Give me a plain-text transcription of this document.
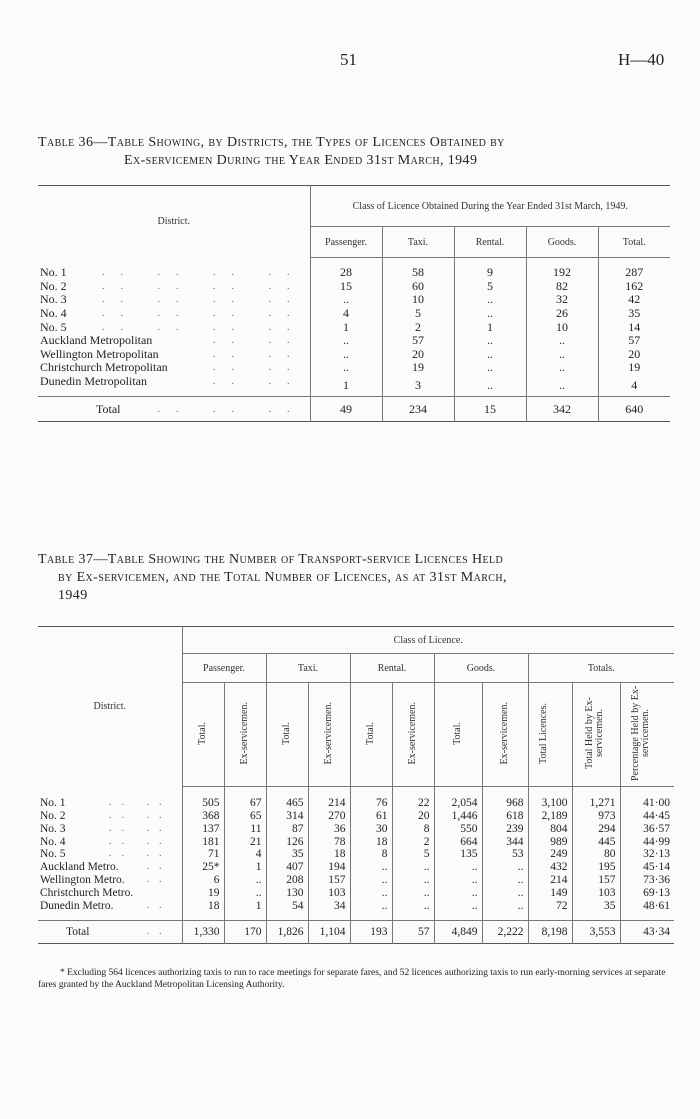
51	H—40
Table 36—Table Showing, by Districts, the Types of Licences Obtained by
Ex-servicemen During the Year Ended 31st March, 1949
District.	Class of Licence Obtained During the Year Ended 31st March, 1949.				
	Passenger.	Taxi.	Rental.	Goods.	Total.
No. 1 .. .. .. ..	28	58	9	192	287
No. 2 .. .. .. ..	15	60	5	82	162
No. 3 .. .. .. ..	..	10	..	32	42
No. 4 .. .. .. ..	4	5	..	26	35
No. 5 .. .. .. ..	1	2	1	10	14
Auckland Metropolitan .. ..	..	57	..	..	57
Wellington Metropolitan .. ..	..	20	..	..	20
Christchurch Metropolitan .. ..	..	19	..	..	19
Dunedin Metropolitan .. ..	1	3	..	..	4
Total .. .. ..	49	234	15	342	640
Table 37—Table Showing the Number of Transport-service Licences Held
by Ex-servicemen, and the Total Number of Licences, as at 31st March,
1949
District.	Class of Licence.										
	Passenger.		Taxi.		Rental.		Goods.		Totals.		
	Total.	Ex-servicemen.	Total.	Ex-servicemen.	Total.	Ex-servicemen.	Total.	Ex-servicemen.	Total Licences.	Total Held by Ex-servicemen.	Percentage Held by Ex-servicemen.
No. 1 .. ..	505	67	465	214	76	22	2,054	968	3,100	1,271	41·00
No. 2 .. ..	368	65	314	270	61	20	1,446	618	2,189	973	44·45
No. 3 .. ..	137	11	87	36	30	8	550	239	804	294	36·57
No. 4 .. ..	181	21	126	78	18	2	664	344	989	445	44·99
No. 5 .. ..	71	4	35	18	8	5	135	53	249	80	32·13
Auckland Metro. ..	25*	1	407	194	..	..	..	..	432	195	45·14
Wellington Metro. ..	6	..	208	157	..	..	..	..	214	157	73·36
Christchurch Metro.	19	..	130	103	..	..	..	..	149	103	69·13
Dunedin Metro. ..	18	1	54	34	..	..	..	..	72	35	48·61
Total ..	1,330	170	1,826	1,104	193	57	4,849	2,222	8,198	3,553	43·34
* Excluding 564 licences authorizing taxis to run to race meetings for separate fares, and 52 licences authorizing taxis to run early-morning services at separate fares granted by the Auckland Metropolitan Licensing Authority.
